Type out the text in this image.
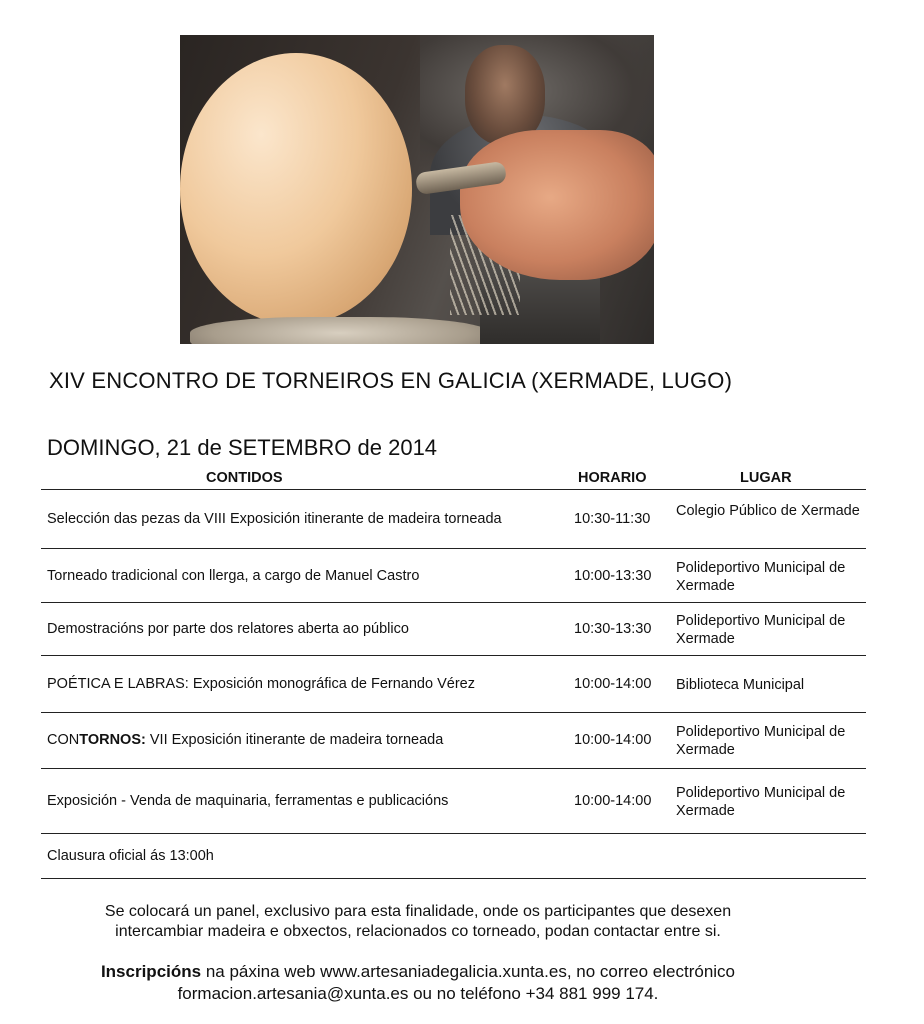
XIV ENCONTRO DE TORNEIROS EN GALICIA (XERMADE, LUGO)
DOMINGO, 21 de SETEMBRO de 2014
CONTIDOS	HORARIO	LUGAR
Selección das pezas da VIII Exposición itinerante de madeira torneada	10:30-11:30 Colegio Público de Xermade
Torneado tradicional con llerga, a cargo de Manuel Castro	10:00-13:30 Polideportivo Municipal de Xermade
Demostracións por parte dos relatores aberta ao público	10:30-13:30 Polideportivo Municipal de Xermade
POÉTICA E LABRAS: Exposición monográfica de Fernando Vérez	10:00-14:00 Biblioteca Municipal
CONTORNOS: VII Exposición itinerante de madeira torneada	10:00-14:00 Polideportivo Municipal de Xermade
Exposición - Venda de maquinaria, ferramentas e publicacións	10:00-14:00 Polideportivo Municipal de Xermade
Clausura oficial ás 13:00h
Se colocará un panel, exclusivo para esta finalidade, onde os participantes que desexen
intercambiar madeira e obxectos, relacionados co torneado, podan contactar entre si.
Inscripcións na páxina web www.artesaniadegalicia.xunta.es, no correo electrónico
formacion.artesania@xunta.es ou no teléfono +34 881 999 174.
